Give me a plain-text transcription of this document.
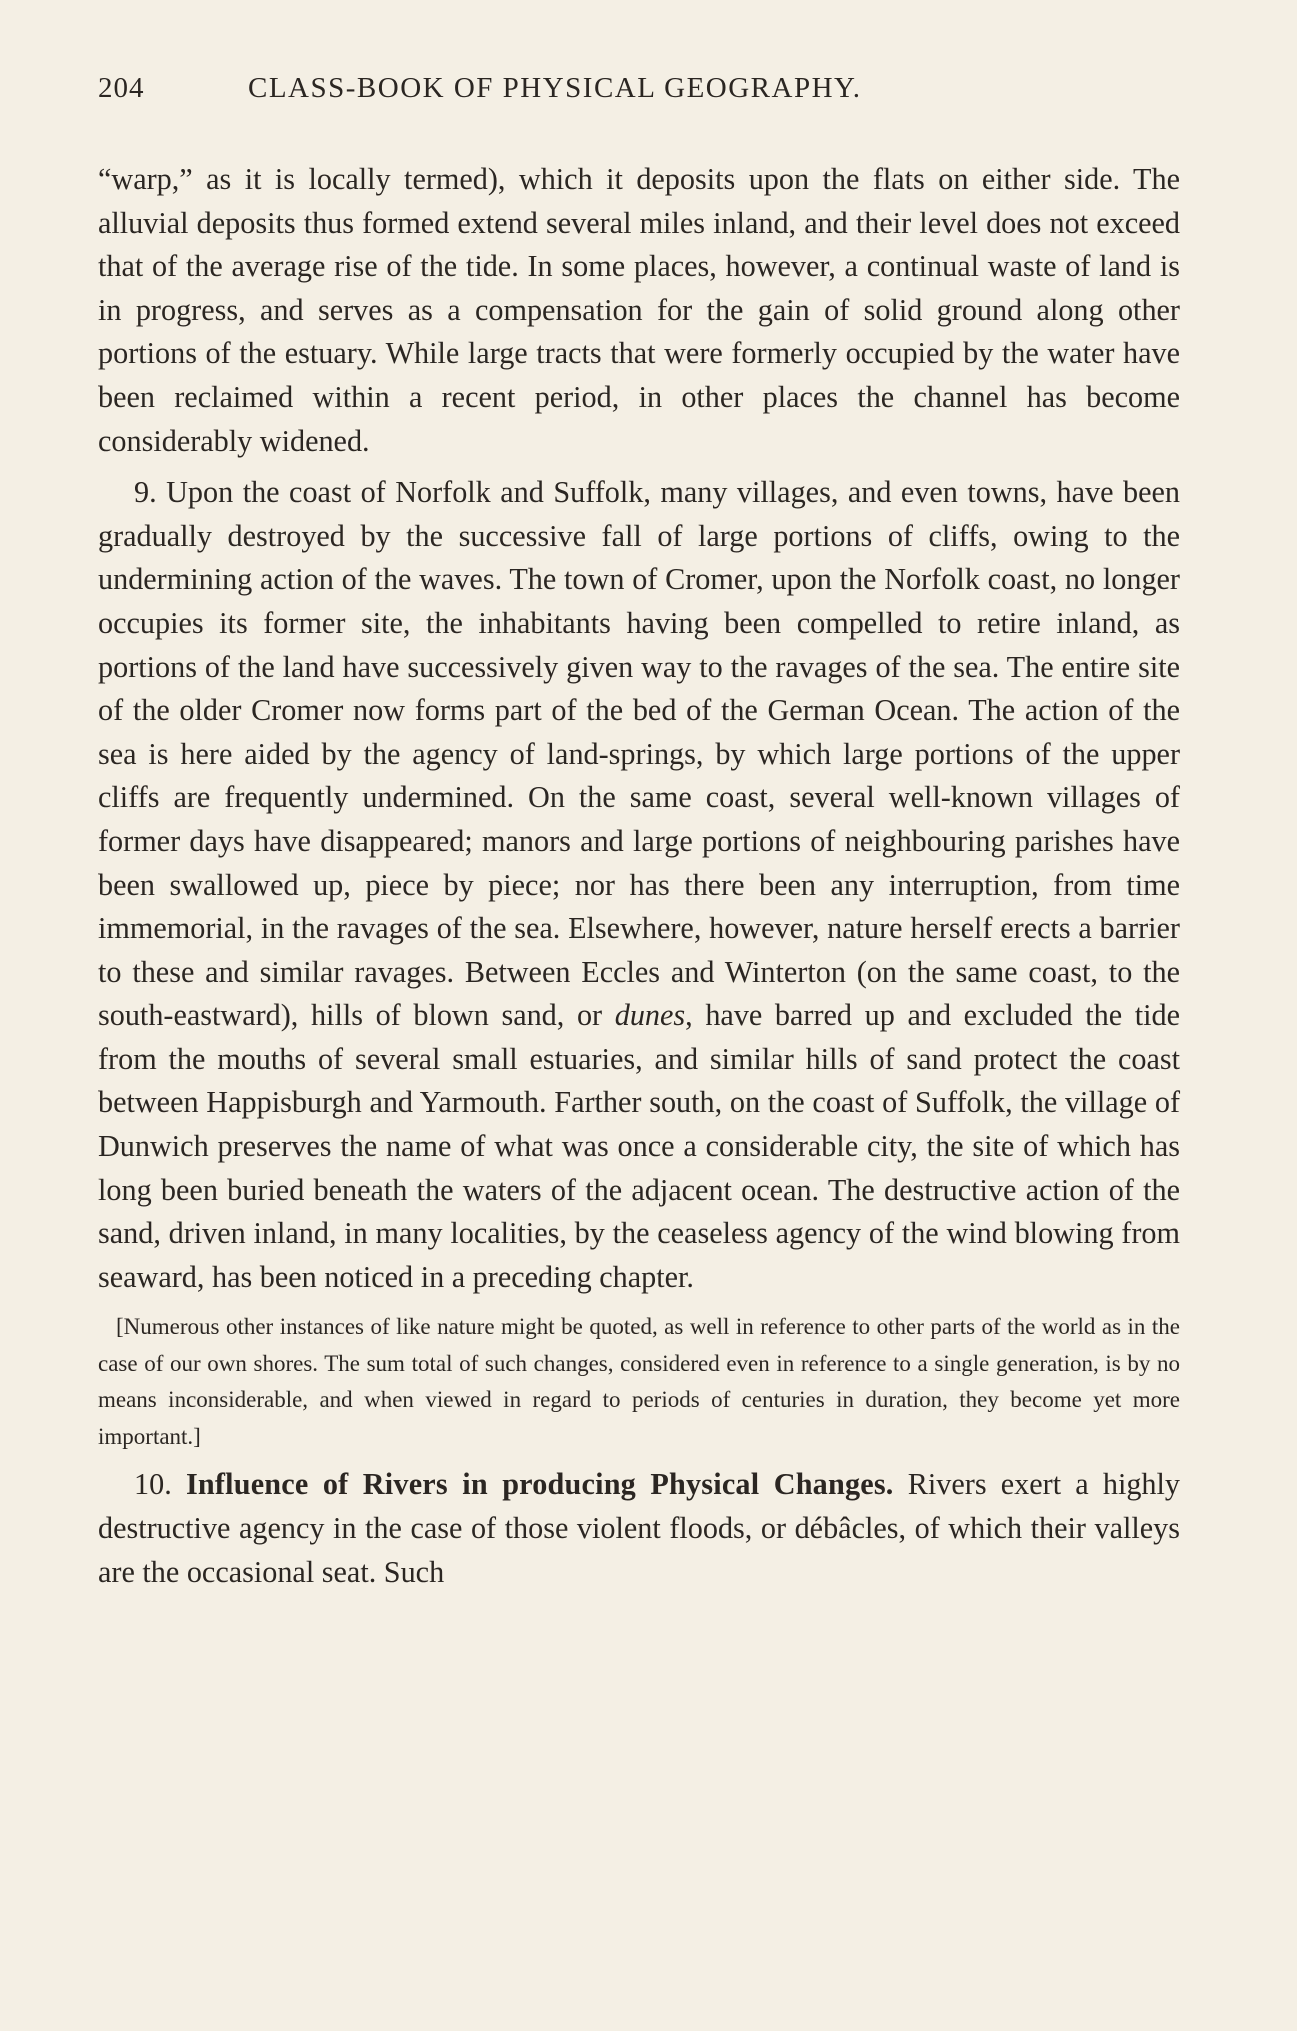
204	CLASS-BOOK OF PHYSICAL GEOGRAPHY.

“warp,” as it is locally termed), which it deposits upon the flats on either side. The alluvial deposits thus formed extend several miles inland, and their level does not exceed that of the average rise of the tide. In some places, however, a continual waste of land is in progress, and serves as a compensation for the gain of solid ground along other portions of the estuary. While large tracts that were formerly occupied by the water have been reclaimed within a recent period, in other places the channel has become considerably widened.

9. Upon the coast of Norfolk and Suffolk, many villages, and even towns, have been gradually destroyed by the successive fall of large portions of cliffs, owing to the undermining action of the waves. The town of Cromer, upon the Norfolk coast, no longer occupies its former site, the inhabitants having been compelled to retire inland, as portions of the land have successively given way to the ravages of the sea. The entire site of the older Cromer now forms part of the bed of the German Ocean. The action of the sea is here aided by the agency of land-springs, by which large portions of the upper cliffs are frequently undermined. On the same coast, several well-known villages of former days have disappeared; manors and large portions of neighbouring parishes have been swallowed up, piece by piece; nor has there been any interruption, from time immemorial, in the ravages of the sea. Elsewhere, however, nature herself erects a barrier to these and similar ravages. Between Eccles and Winterton (on the same coast, to the south-eastward), hills of blown sand, or dunes, have barred up and excluded the tide from the mouths of several small estuaries, and similar hills of sand protect the coast between Happisburgh and Yarmouth. Farther south, on the coast of Suffolk, the village of Dunwich preserves the name of what was once a considerable city, the site of which has long been buried beneath the waters of the adjacent ocean. The destructive action of the sand, driven inland, in many localities, by the ceaseless agency of the wind blowing from seaward, has been noticed in a preceding chapter.

[Numerous other instances of like nature might be quoted, as well in reference to other parts of the world as in the case of our own shores. The sum total of such changes, considered even in reference to a single generation, is by no means inconsiderable, and when viewed in regard to periods of centuries in duration, they become yet more important.]

10. Influence of Rivers in producing Physical Changes. Rivers exert a highly destructive agency in the case of those violent floods, or débâcles, of which their valleys are the occasional seat. Such
